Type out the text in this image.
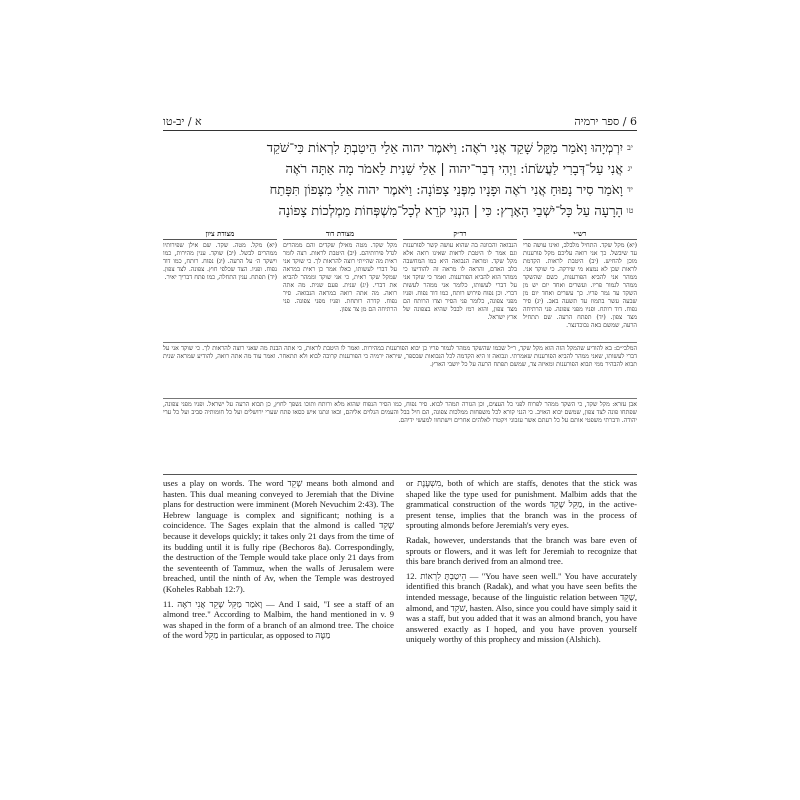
א / יב-טו	6 / ספר ירמיה
יב
יִרְמְיָהוּ וָאֹמַר מַקֵּל שָׁקֵד אֲנִי רֹאֶה: וַיֹּאמֶר יהוה אֵלַי הֵיטַבְתָּ לִרְאוֹת כִּי־שֹׁקֵד
יג
אֲנִי עַל־דְּבָרִי לַעֲשֹׂתוֹ: וַיְהִי דְבַר־יהוה | אֵלַי שֵׁנִית לֵאמֹר מָה אַתָּה רֹאֶה
יד
וָאֹמַר סִיר נָפוּחַ אֲנִי רֹאֶה וּפָנָיו מִפְּנֵי צָפוֹנָה: וַיֹּאמֶר יהוה אֵלַי מִצָּפוֹן תִּפָּתַח
טו
הָרָעָה עַל כָּל־יֹשְׁבֵי הָאָרֶץ: כִּי | הִנְנִי קֹרֵא לְכָל־מִשְׁפְּחוֹת מַמְלְכוֹת צָפוֹנָה
רש״י

(יא) מקל שקד. התחיל מלבלב, ואינו עושה פרי עד שיבשל. כך אני רואה עליכם מקל פורענות מוכן להחיש. (יב) היטבת לראות. הקדמת לראות שכן לא נמצא מי שירקה. כי שוקד אני. ממהר אני להביא הפורענות, כשם שהשקד ממהר לגמור פריו. ועשרים ואחד יום יש מן השקד עד גמר פריו. כך עשרים ואחד יום מן שבעה עשר בתמוז עד תשעה באב. (יג) סיר נפוח. דוד רותח. ופניו מפני צפונה. פני הרתיחה מצד צפון. (יד) תפתח הרעה. שם תתחיל הרעה, שמשם באה נבוכדנצר.

רד״ק

הנבואה והכוונה בה שהוא עושה קשר לפורענות וגם אמר לו היטבת לראות שאינו רואה אלא מקל שקד. ומראה הנבואה היא כמו המחשבה בלב האדם, והראה לו מראה זה להודיעו כי ממהר הוא להביא הפורענות. ואמר כי שוקד אני על דברי לעשותו, כלומר אני ממהר לעשות דברי. וכן נפוח פירוש רותח, כמו דוד נפוח. ופניו מפני צפונה, כלומר פני הסיר וצדו הרותח הם מצד צפון, והוא רמז לבבל שהיא בצפונה של ארץ ישראל.

מצודת דוד

מקל שקד. מטה מאילן שקדים והם ממהרים לגדל פירותיהם. (יב) היטבת לראות. רצה לומר ראית מה שהייתי רוצה להראות לך. כי שוקד אני על דברי לעשותו, כאלו אמר כן ראית במראה שמקל שקד ראית, כי אני שוקד וממהר להביא את דברי. (יג) שנית. פעם שנית. מה אתה רואה. מה אתה רואה במראה הנבואה. סיר נפוח. קדרה רותחת. ופניו מפני צפונה. פני הרתיחה הם מן צד צפון.

מצודת ציון

(יא) מקל. מטה. שקד. שם אילן שפירותיו ממהרים לבשל. (יב) שוקד. ענין מהירות, כמו וישקד ה׳ על הרעה. (יג) נפוח. רותח, כמו דוד נפוח. ופניו. הצד שכלפי חוץ. צפונה. לצד צפון. (יד) תפתח. ענין התחלה, כמו פתח דבריך יאיר.

המלבי״ם: בא להודיע שהמקל הזה הוא מקל שקד, ר״ל שכמו שהשקד ממהר לגמור פריו כן יבוא הפורענות במהירות. ואמר לו היטבת לראות, כי אתה הבנת מה שאני רוצה להראות לך. כי שוקד אני על דברי לעשותו, שאני ממהר להביא הפורענות שאמרתי. ונבואה זו היא הקדמה לכל הנבואות שבספר, שיראה ירמיה כי הפורענות קרובה לבוא ולא תתאחר. ואמר עוד מה אתה רואה, להודיע שמראה שנית תבוא להבהיר ממי תבוא הפורענות ומאיזה צד, שמשם תפתח הרעה על כל יושבי הארץ.
אבן עזרא: מקל שקד, כי השקד ממהר לפרוח לפני כל העצים, וכן הגזרה תמהר לבוא. סיר נפוח, כמו הסיר הנפוח שהוא מלא ורותח ותוכו נשפך לחוץ, כן תבוא הרעה על ישראל. ופניו מפני צפונה, שפתחו פונה לצד צפון, שמשם יבוא האויב. כי הנני קורא לכל משפחות ממלכות צפונה, הם חיל בבל והעמים הנלוים אליהם, ובאו ונתנו איש כסאו פתח שערי ירושלים ועל כל חומותיה סביב ועל כל ערי יהודה. ודברתי משפטי אותם על כל רעתם אשר עזבוני ויקטרו לאלהים אחרים וישתחוו למעשי ידיהם.

uses a play on words. The word שָׁקֵד means both almond and hasten. This dual meaning conveyed to Jeremiah that the Divine plans for destruction were imminent (Moreh Nevuchim 2:43). The Hebrew language is complex and significant; nothing is a coincidence. The Sages explain that the almond is called שָׁקֵד because it develops quickly; it takes only 21 days from the time of its budding until it is fully ripe (Bechoros 8a). Correspondingly, the destruction of the Temple would take place only 21 days from the seventeenth of Tammuz, when the walls of Jerusalem were breached, until the ninth of Av, when the Temple was destroyed (Koheles Rabbah 12:7).

11. וָאֹמַר מַקֵּל שָׁקֵד אֲנִי רֹאֶה — And I said, "I see a staff of an almond tree." According to Malbim, the hand mentioned in v. 9 was shaped in the form of a branch of an almond tree. The choice of the word מַקֵּל in particular, as opposed to מַטֶּה

or מִשְׁעֶנֶת, both of which are staffs, denotes that the stick was shaped like the type used for punishment. Malbim adds that the grammatical construction of the words מַקֵּל שָׁקֵד, in the active-present tense, implies that the branch was in the process of sprouting almonds before Jeremiah's very eyes.

Radak, however, understands that the branch was bare even of sprouts or flowers, and it was left for Jeremiah to recognize that this bare branch derived from an almond tree.

12. הֵיטַבְתָּ לִרְאוֹת — "You have seen well." You have accurately identified this branch (Radak), and what you have seen befits the intended message, because of the linguistic relation between שָׁקֵד, almond, and שֹׁקֵד, hasten. Also, since you could have simply said it was a staff, but you added that it was an almond branch, you have answered exactly as I hoped, and you have proven yourself uniquely worthy of this prophecy and mission (Alshich).
